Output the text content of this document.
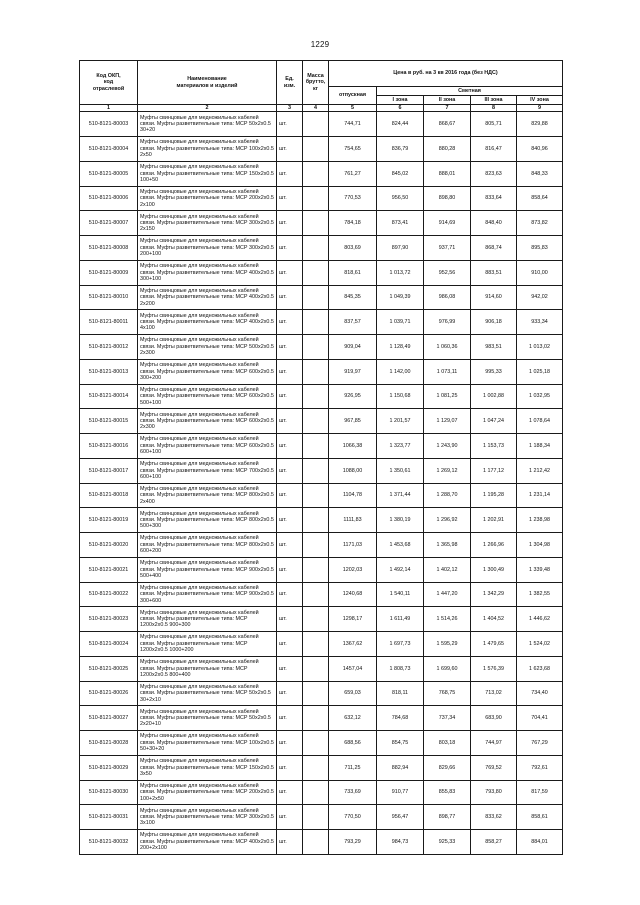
1229
Код ОКП,
код
отраслевой	Наименование
материалов и изделий	Ед.
изм.	Масса
брутто,
кг	Цена в руб. на 3 кв 2016 года (без НДС)				
				отпускная	Сметная			
					I зона	II зона	III зона	IV зона
1	2	3	4	5	6	7	8	9
510-8121-80003	Муфты свинцовые для медножильных кабелей связи. Муфты разветвительные типа: МСР 50х2х0.5 30+20	шт.		744,71	824,44	868,67	805,71	829,88
510-8121-80004	Муфты свинцовые для медножильных кабелей связи. Муфты разветвительные типа: МСР 100х2х0.5 2х50	шт.		754,65	836,79	880,28	816,47	840,96
510-8121-80005	Муфты свинцовые для медножильных кабелей связи. Муфты разветвительные типа: МСР 150х2х0.5 100+50	шт.		761,27	845,02	888,01	823,63	848,33
510-8121-80006	Муфты свинцовые для медножильных кабелей связи. Муфты разветвительные типа: МСР 200х2х0.5 2х100	шт.		770,53	956,50	898,80	833,64	858,64
510-8121-80007	Муфты свинцовые для медножильных кабелей связи. Муфты разветвительные типа: МСР 300х2х0.5 2х150	шт.		784,18	873,41	914,69	848,40	873,82
510-8121-80008	Муфты свинцовые для медножильных кабелей связи. Муфты разветвительные типа: МСР 300х2х0.5 200+100	шт.		803,69	897,90	937,71	868,74	895,83
510-8121-80009	Муфты свинцовые для медножильных кабелей связи. Муфты разветвительные типа: МСР 400х2х0.5 300+100	шт.		818,61	1 013,72	952,56	883,51	910,00
510-8121-80010	Муфты свинцовые для медножильных кабелей связи. Муфты разветвительные типа: МСР 400х2х0.5 2х200	шт.		845,35	1 049,39	986,08	914,60	942,02
510-8121-80011	Муфты свинцовые для медножильных кабелей связи. Муфты разветвительные типа: МСР 400х2х0.5 4х100	шт.		837,57	1 039,71	976,99	906,18	933,34
510-8121-80012	Муфты свинцовые для медножильных кабелей связи. Муфты разветвительные типа: МСР 500х2х0.5 2х300	шт.		909,04	1 128,49	1 060,36	983,51	1 013,02
510-8121-80013	Муфты свинцовые для медножильных кабелей связи. Муфты разветвительные типа: МСР 600х2х0.5 300+200	шт.		919,97	1 142,00	1 073,11	995,33	1 025,18
510-8121-80014	Муфты свинцовые для медножильных кабелей связи. Муфты разветвительные типа: МСР 600х2х0.5 500+100	шт.		926,95	1 150,68	1 081,25	1 002,88	1 032,95
510-8121-80015	Муфты свинцовые для медножильных кабелей связи. Муфты разветвительные типа: МСР 600х2х0.5 2х300	шт.		967,85	1 201,57	1 129,07	1 047,24	1 078,64
510-8121-80016	Муфты свинцовые для медножильных кабелей связи. Муфты разветвительные типа: МСР 600х2х0.5 600+100	шт.		1066,38	1 323,77	1 243,90	1 153,73	1 188,34
510-8121-80017	Муфты свинцовые для медножильных кабелей связи. Муфты разветвительные типа: МСР 700х2х0.5 600+100	шт.		1088,00	1 350,61	1 269,12	1 177,12	1 212,42
510-8121-80018	Муфты свинцовые для медножильных кабелей связи. Муфты разветвительные типа: МСР 800х2х0.5 2х400	шт.		1104,78	1 371,44	1 288,70	1 195,28	1 231,14
510-8121-80019	Муфты свинцовые для медножильных кабелей связи. Муфты разветвительные типа: МСР 800х2х0.5 500+300	шт.		1111,83	1 380,19	1 296,92	1 202,91	1 238,98
510-8121-80020	Муфты свинцовые для медножильных кабелей связи. Муфты разветвительные типа: МСР 800х2х0.5 600+200	шт.		1171,03	1 453,68	1 365,98	1 266,96	1 304,98
510-8121-80021	Муфты свинцовые для медножильных кабелей связи. Муфты разветвительные типа: МСР 900х2х0.5 500+400	шт.		1202,03	1 492,14	1 402,12	1 300,49	1 339,48
510-8121-80022	Муфты свинцовые для медножильных кабелей связи. Муфты разветвительные типа: МСР 900х2х0.5 300+600	шт.		1240,68	1 540,11	1 447,20	1 342,29	1 382,55
510-8121-80023	Муфты свинцовые для медножильных кабелей связи. Муфты разветвительные типа: МСР 1200х2х0.5 900+300	шт.		1298,17	1 611,49	1 514,26	1 404,52	1 446,62
510-8121-80024	Муфты свинцовые для медножильных кабелей связи. Муфты разветвительные типа: МСР 1200х2х0.5 1000+200	шт.		1367,62	1 697,73	1 595,29	1 479,65	1 524,02
510-8121-80025	Муфты свинцовые для медножильных кабелей связи. Муфты разветвительные типа: МСР 1200х2х0.5 800+400	шт.		1457,04	1 808,73	1 699,60	1 576,39	1 623,68
510-8121-80026	Муфты свинцовые для медножильных кабелей связи. Муфты разветвительные типа: МСР 50х2х0.5 30+2х10	шт.		659,03	818,11	768,75	713,02	734,40
510-8121-80027	Муфты свинцовые для медножильных кабелей связи. Муфты разветвительные типа: МСР 50х2х0.5 2х20+10	шт.		632,12	784,68	737,34	683,90	704,41
510-8121-80028	Муфты свинцовые для медножильных кабелей связи. Муфты разветвительные типа: МСР 100х2х0.5 50+30+20	шт.		688,56	854,75	803,18	744,97	767,29
510-8121-80029	Муфты свинцовые для медножильных кабелей связи. Муфты разветвительные типа: МСР 150х2х0.5 3х50	шт.		711,25	882,94	829,66	769,52	792,61
510-8121-80030	Муфты свинцовые для медножильных кабелей связи. Муфты разветвительные типа: МСР 200х2х0.5 100+2х50	шт.		733,69	910,77	855,83	793,80	817,59
510-8121-80031	Муфты свинцовые для медножильных кабелей связи. Муфты разветвительные типа: МСР 300х2х0.5 3х100	шт.		770,50	956,47	898,77	833,62	858,61
510-8121-80032	Муфты свинцовые для медножильных кабелей связи. Муфты разветвительные типа: МСР 400х2х0.5 200+2х100	шт.		793,29	984,73	925,33	858,27	884,01
